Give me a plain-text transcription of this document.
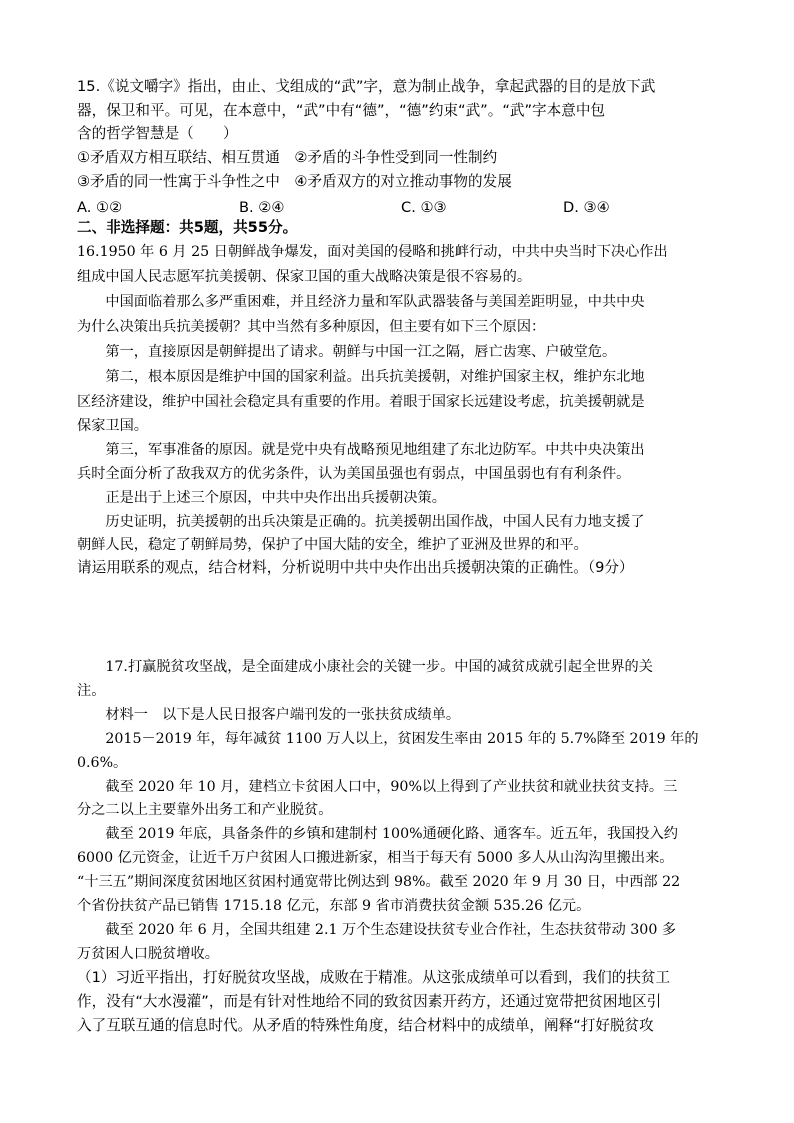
15.《说文嚼字》指出，由止、戈组成的“武”字，意为制止战争，拿起武器的目的是放下武
器，保卫和平。可见，在本意中，“武”中有“德”，“德”约束“武”。“武”字本意中包
含的哲学智慧是（　　）
①矛盾双方相互联结、相互贯通　②矛盾的斗争性受到同一性制约
③矛盾的同一性寓于斗争性之中　④矛盾双方的对立推动事物的发展
A. ①②	B. ②④	C. ①③	D. ③④
二、非选择题：共5题，共55分。
16.1950 年 6 月 25 日朝鲜战争爆发，面对美国的侵略和挑衅行动，中共中央当时下决心作出
组成中国人民志愿军抗美援朝、保家卫国的重大战略决策是很不容易的。
　　中国面临着那么多严重困难，并且经济力量和军队武器装备与美国差距明显，中共中央
为什么决策出兵抗美援朝？其中当然有多种原因，但主要有如下三个原因：
　　第一，直接原因是朝鲜提出了请求。朝鲜与中国一江之隔，唇亡齿寒、户破堂危。
　　第二，根本原因是维护中国的国家利益。出兵抗美援朝，对维护国家主权，维护东北地
区经济建设，维护中国社会稳定具有重要的作用。着眼于国家长远建设考虑，抗美援朝就是
保家卫国。
　　第三，军事准备的原因。就是党中央有战略预见地组建了东北边防军。中共中央决策出
兵时全面分析了敌我双方的优劣条件，认为美国虽强也有弱点，中国虽弱也有有利条件。
　　正是出于上述三个原因，中共中央作出出兵援朝决策。
　　历史证明，抗美援朝的出兵决策是正确的。抗美援朝出国作战，中国人民有力地支援了
朝鲜人民，稳定了朝鲜局势，保护了中国大陆的安全，维护了亚洲及世界的和平。
请运用联系的观点，结合材料，分析说明中共中央作出出兵援朝决策的正确性。（9分）
　　17.打赢脱贫攻坚战，是全面建成小康社会的关键一步。中国的减贫成就引起全世界的关
注。
　　材料一　以下是人民日报客户端刊发的一张扶贫成绩单。
　　2015－2019 年，每年减贫 1100 万人以上，贫困发生率由 2015 年的 5.7%降至 2019 年的
0.6%。
　　截至 2020 年 10 月，建档立卡贫困人口中，90%以上得到了产业扶贫和就业扶贫支持。三
分之二以上主要靠外出务工和产业脱贫。
　　截至 2019 年底，具备条件的乡镇和建制村 100%通硬化路、通客车。近五年，我国投入约
6000 亿元资金，让近千万户贫困人口搬进新家，相当于每天有 5000 多人从山沟沟里搬出来。
“十三五”期间深度贫困地区贫困村通宽带比例达到 98%。截至 2020 年 9 月 30 日，中西部 22
个省份扶贫产品已销售 1715.18 亿元，东部 9 省市消费扶贫金额 535.26 亿元。
　　截至 2020 年 6 月，全国共组建 2.1 万个生态建设扶贫专业合作社，生态扶贫带动 300 多
万贫困人口脱贫增收。
（1）习近平指出，打好脱贫攻坚战，成败在于精准。从这张成绩单可以看到，我们的扶贫工
作，没有“大水漫灌”，而是有针对性地给不同的致贫因素开药方，还通过宽带把贫困地区引
入了互联互通的信息时代。从矛盾的特殊性角度，结合材料中的成绩单，阐释“打好脱贫攻
